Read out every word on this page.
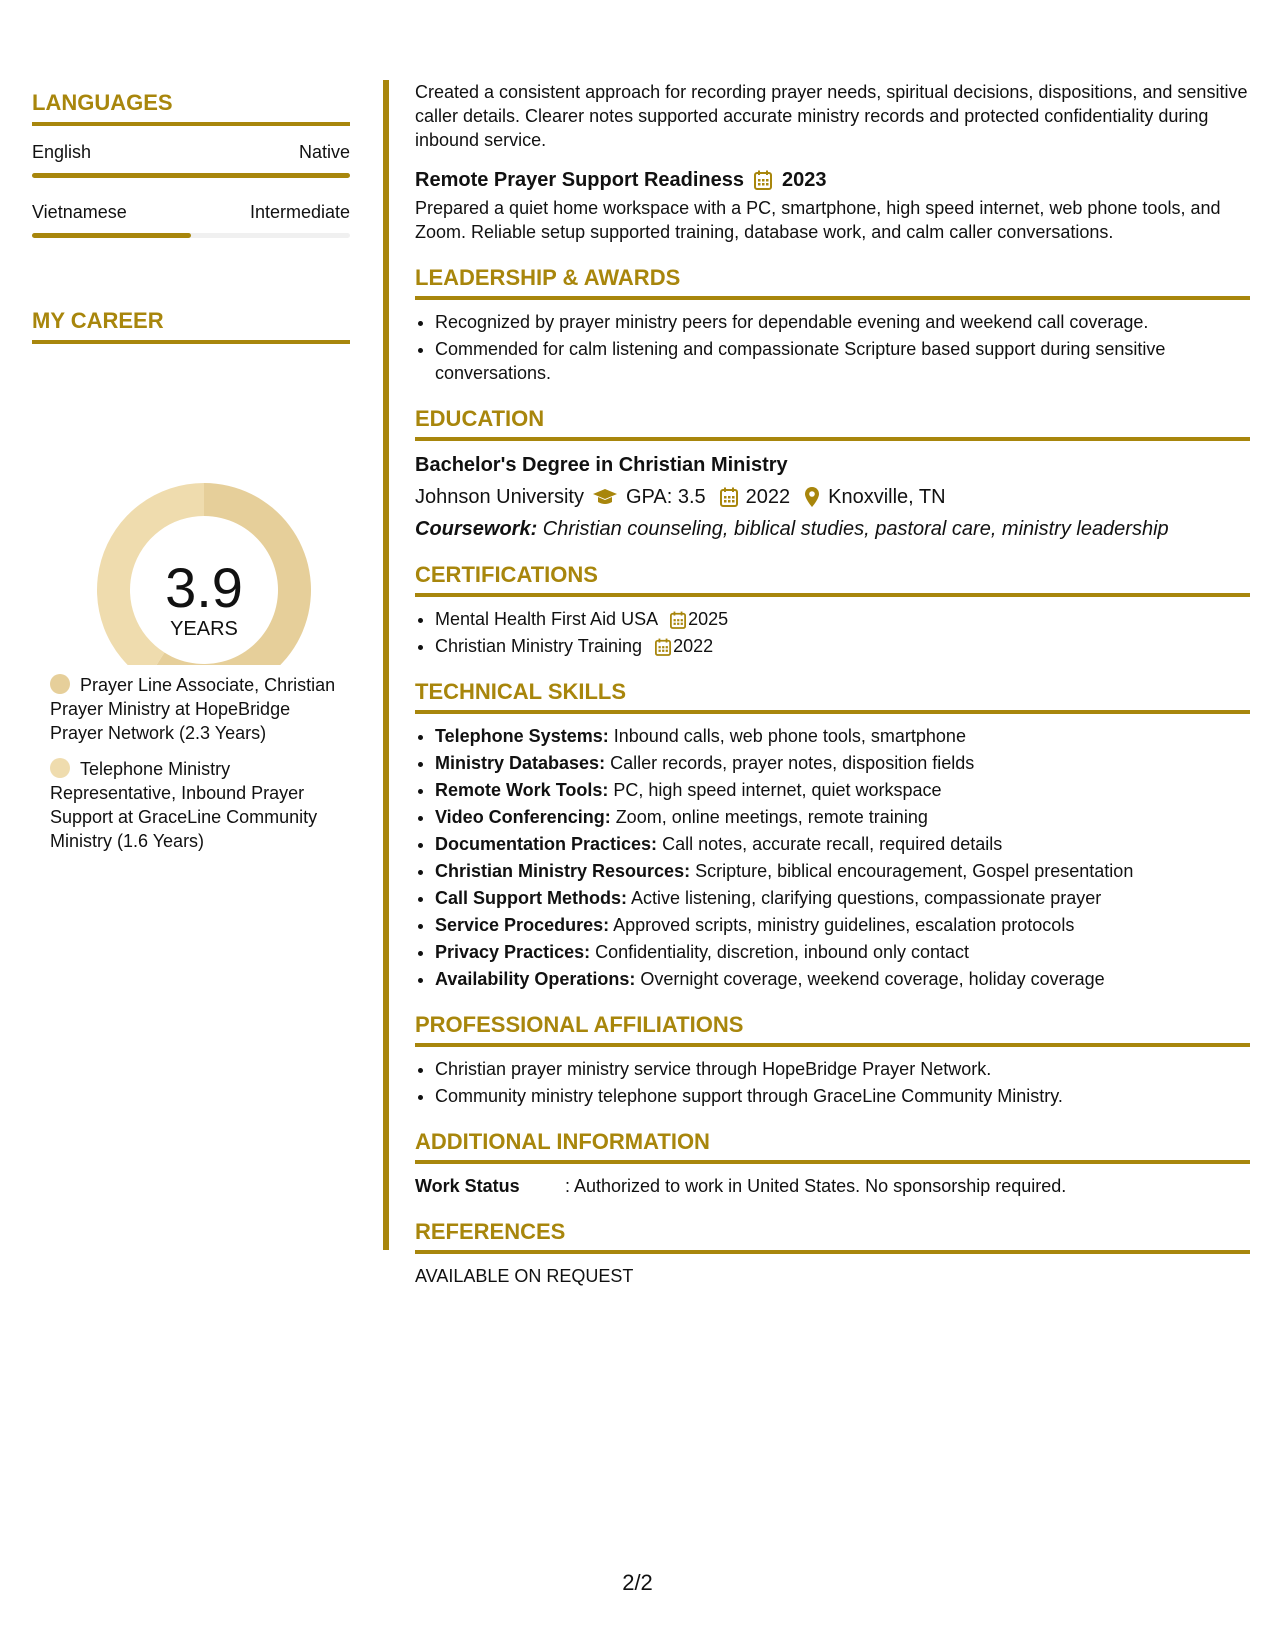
LANGUAGES
English	Native
Vietnamese	Intermediate
MY CAREER
3.9
YEARS
Prayer Line Associate, Christian Prayer Ministry at HopeBridge Prayer Network (2.3 Years)
Telephone Ministry Representative, Inbound Prayer Support at GraceLine Community Ministry (1.6 Years)

Created a consistent approach for recording prayer needs, spiritual decisions, dispositions, and sensitive caller details. Clearer notes supported accurate ministry records and protected confidentiality during inbound service.

Remote Prayer Support Readiness 2023

Prepared a quiet home workspace with a PC, smartphone, high speed internet, web phone tools, and Zoom. Reliable setup supported training, database work, and calm caller conversations.

LEADERSHIP & AWARDS
• Recognized by prayer ministry peers for dependable evening and weekend call coverage.
• Commended for calm listening and compassionate Scripture based support during sensitive conversations.
EDUCATION
Bachelor's Degree in Christian Ministry
Johnson University GPA: 3.5 2022 Knoxville, TN
Coursework: Christian counseling, biblical studies, pastoral care, ministry leadership
CERTIFICATIONS
• Mental Health First Aid USA 2025
• Christian Ministry Training 2022
TECHNICAL SKILLS
• Telephone Systems: Inbound calls, web phone tools, smartphone
• Ministry Databases: Caller records, prayer notes, disposition fields
• Remote Work Tools: PC, high speed internet, quiet workspace
• Video Conferencing: Zoom, online meetings, remote training
• Documentation Practices: Call notes, accurate recall, required details
• Christian Ministry Resources: Scripture, biblical encouragement, Gospel presentation
• Call Support Methods: Active listening, clarifying questions, compassionate prayer
• Service Procedures: Approved scripts, ministry guidelines, escalation protocols
• Privacy Practices: Confidentiality, discretion, inbound only contact
• Availability Operations: Overnight coverage, weekend coverage, holiday coverage
PROFESSIONAL AFFILIATIONS
• Christian prayer ministry service through HopeBridge Prayer Network.
• Community ministry telephone support through GraceLine Community Ministry.
ADDITIONAL INFORMATION
Work Status	: Authorized to work in United States. No sponsorship required.
REFERENCES

AVAILABLE ON REQUEST

2/2
